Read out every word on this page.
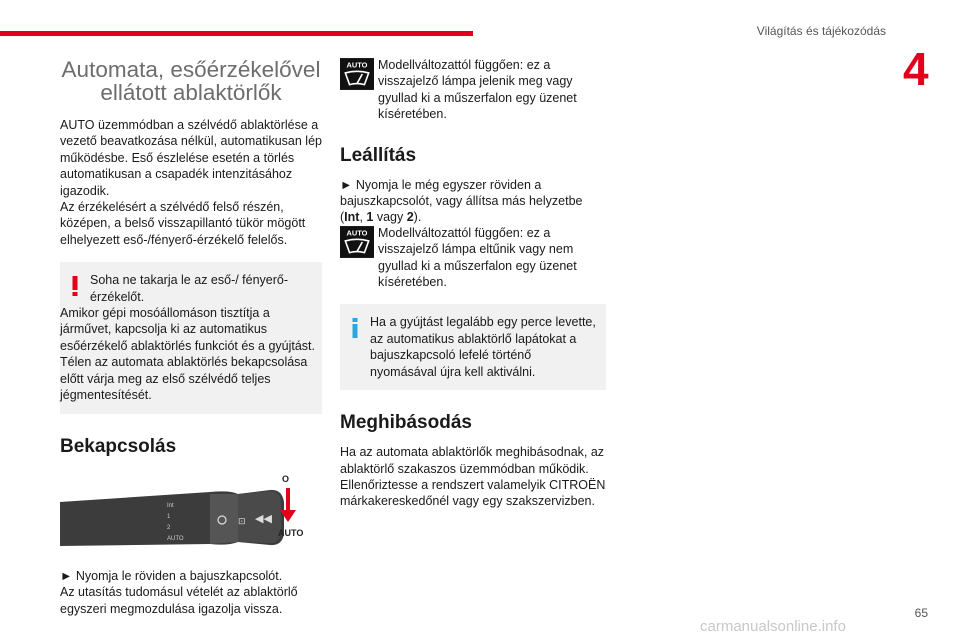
Világítás és tájékozódás
4
Automata, esőérzékelővel ellátott ablaktörlők

AUTO üzemmódban a szélvédő ablaktörlése a vezető beavatkozása nélkül, automatikusan lép működésbe. Eső észlelése esetén a törlés automatikusan a csapadék intenzitásához igazodik.

Az érzékelésért a szélvédő felső részén, középen, a belső visszapillantó tükör mögött elhelyezett eső-/fényerő-érzékelő felelős.

Soha ne takarja le az eső-/ fényerő-érzékelőt.

Amikor gépi mosóállomáson tisztítja a járművet, kapcsolja ki az automatikus esőérzékelő ablaktörlés funkciót és a gyújtást.

Télen az automata ablaktörlés bekapcsolása előtt várja meg az első szélvédő teljes jégmentesítését.

Bekapcsolás
⊡ ◀◀
Int
1
2
AUTO
O
AUTO

► Nyomja le röviden a bajuszkapcsolót.

Az utasítás tudomásul vételét az ablaktörlő egyszeri megmozdulása igazolja vissza.

AUTO Modellváltozattól függően: ez a visszajelző lámpa jelenik meg vagy gyullad ki a műszerfalon egy üzenet kíséretében.

Leállítás

► Nyomja le még egyszer röviden a bajuszkapcsolót, vagy állítsa más helyzetbe (Int, 1 vagy 2).

AUTO Modellváltozattól függően: ez a visszajelző lámpa eltűnik vagy nem gyullad ki a műszerfalon egy üzenet kíséretében.

Ha a gyújtást legalább egy perce levette, az automatikus ablaktörlő lapátokat a bajuszkapcsoló lefelé történő nyomásával újra kell aktiválni.

Meghibásodás

Ha az automata ablaktörlők meghibásodnak, az ablaktörlő szakaszos üzemmódban működik. Ellenőriztesse a rendszert valamelyik CITROËN márkakereskedőnél vagy egy szakszervizben.

65
carmanualsonline.info
